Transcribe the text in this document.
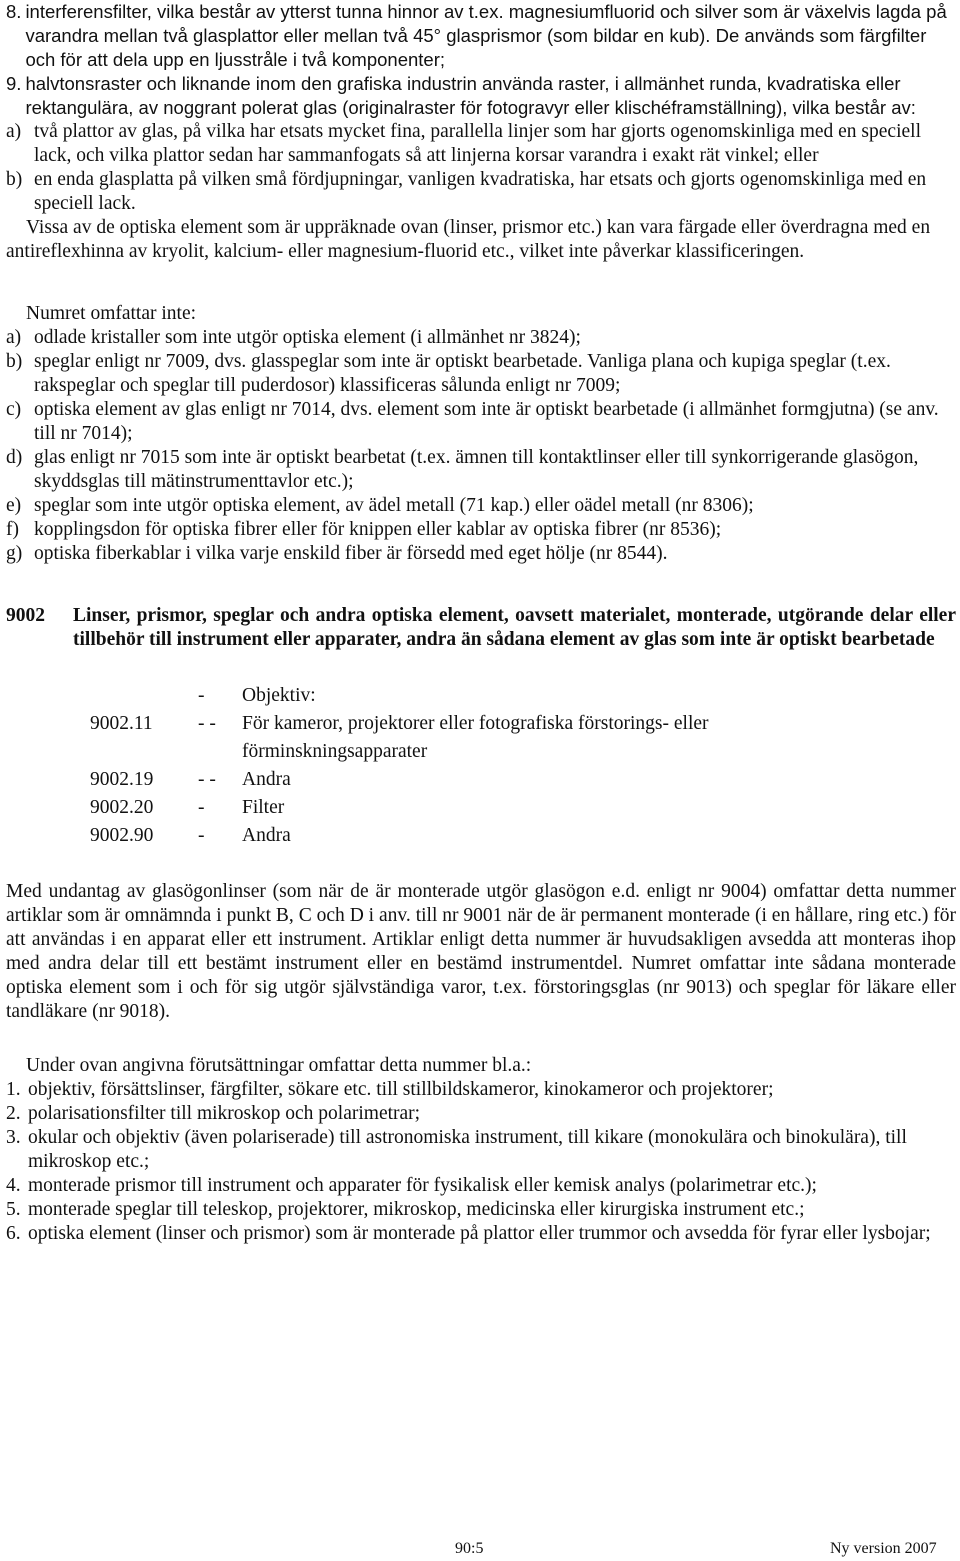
8. interferensfilter, vilka består av ytterst tunna hinnor av t.ex. magnesiumfluorid och silver som är växelvis lagda på varandra mellan två glasplattor eller mellan två 45° glasprismor (som bildar en kub). De används som färgfilter och för att dela upp en ljusstråle i två komponenter;
9. halvtonsraster och liknande inom den grafiska industrin använda raster, i allmänhet runda, kvadratiska eller rektangulära, av noggrant polerat glas (originalraster för fotogravyr eller klischéframställning), vilka består av:
a) två plattor av glas, på vilka har etsats mycket fina, parallella linjer som har gjorts ogenomskinliga med en speciell lack, och vilka plattor sedan har sammanfogats så att linjerna korsar varandra i exakt rät vinkel; eller
b) en enda glasplatta på vilken små fördjupningar, vanligen kvadratiska, har etsats och gjorts ogenomskinliga med en speciell lack.

Vissa av de optiska element som är uppräknade ovan (linser, prismor etc.) kan vara färgade eller överdragna med en antireflexhinna av kryolit, kalcium- eller magnesium-fluorid etc., vilket inte påverkar klassificeringen.

Numret omfattar inte:

a) odlade kristaller som inte utgör optiska element (i allmänhet nr 3824);
b) speglar enligt nr 7009, dvs. glasspeglar som inte är optiskt bearbetade. Vanliga plana och kupiga speglar (t.ex. rakspeglar och speglar till puderdosor) klassificeras sålunda enligt nr 7009;
c) optiska element av glas enligt nr 7014, dvs. element som inte är optiskt bearbetade (i allmänhet formgjutna) (se anv. till nr 7014);
d) glas enligt nr 7015 som inte är optiskt bearbetat (t.ex. ämnen till kontaktlinser eller till synkorrigerande glasögon, skyddsglas till mätinstrumenttavlor etc.);
e) speglar som inte utgör optiska element, av ädel metall (71 kap.) eller oädel metall (nr 8306);
f) kopplingsdon för optiska fibrer eller för knippen eller kablar av optiska fibrer (nr 8536);
g) optiska fiberkablar i vilka varje enskild fiber är försedd med eget hölje (nr 8544).
9002	Linser, prismor, speglar och andra optiska element, oavsett materialet, monterade, utgörande delar eller tillbehör till instrument eller apparater, andra än sådana element av glas som inte är optiskt bearbetade
	-	Objektiv:
9002.11	- -	För kameror, projektorer eller fotografiska förstorings- eller förminskningsapparater
9002.19	- -	Andra
9002.20	-	Filter
9002.90	-	Andra

Med undantag av glasögonlinser (som när de är monterade utgör glasögon e.d. enligt nr 9004) omfattar detta nummer artiklar som är omnämnda i punkt B, C och D i anv. till nr 9001 när de är permanent monterade (i en hållare, ring etc.) för att användas i en apparat eller ett instrument. Artiklar enligt detta nummer är huvudsakligen avsedda att monteras ihop med andra delar till ett bestämt instrument eller en bestämd instrumentdel. Numret omfattar inte sådana monterade optiska element som i och för sig utgör självständiga varor, t.ex. förstoringsglas (nr 9013) och speglar för läkare eller tandläkare (nr 9018).

Under ovan angivna förutsättningar omfattar detta nummer bl.a.:

1. objektiv, försättslinser, färgfilter, sökare etc. till stillbildskameror, kinokameror och projektorer;
2. polarisationsfilter till mikroskop och polarimetrar;
3. okular och objektiv (även polariserade) till astronomiska instrument, till kikare (monokulära och binokulära), till mikroskop etc.;
4. monterade prismor till instrument och apparater för fysikalisk eller kemisk analys (polarimetrar etc.);
5. monterade speglar till teleskop, projektorer, mikroskop, medicinska eller kirurgiska instrument etc.;
6. optiska element (linser och prismor) som är monterade på plattor eller trummor och avsedda för fyrar eller lysbojar;
90:5	Ny version 2007
